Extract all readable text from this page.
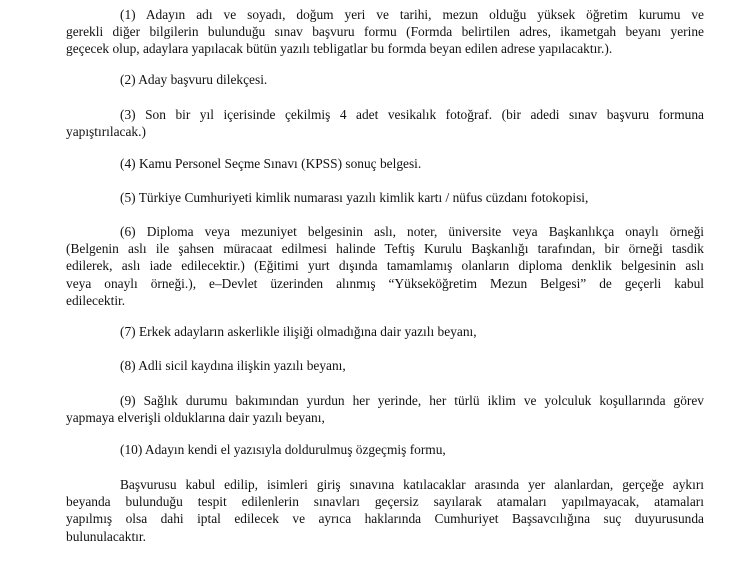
(1) Adayın adı ve soyadı, doğum yeri ve tarihi, mezun olduğu yüksek öğretim kurumu ve
gerekli diğer bilgilerin bulunduğu sınav başvuru formu (Formda belirtilen adres, ikametgah beyanı yerine
geçecek olup, adaylara yapılacak bütün yazılı tebligatlar bu formda beyan edilen adrese yapılacaktır.).
(2) Aday başvuru dilekçesi.
(3) Son bir yıl içerisinde çekilmiş 4 adet vesikalık fotoğraf. (bir adedi sınav başvuru formuna
yapıştırılacak.)
(4) Kamu Personel Seçme Sınavı (KPSS) sonuç belgesi.
(5) Türkiye Cumhuriyeti kimlik numarası yazılı kimlik kartı / nüfus cüzdanı fotokopisi,
(6) Diploma veya mezuniyet belgesinin aslı, noter, üniversite veya Başkanlıkça onaylı örneği
(Belgenin aslı ile şahsen müracaat edilmesi halinde Teftiş Kurulu Başkanlığı tarafından, bir örneği tasdik
edilerek, aslı iade edilecektir.) (Eğitimi yurt dışında tamamlamış olanların diploma denklik belgesinin aslı
veya onaylı örneği.), e–Devlet üzerinden alınmış “Yükseköğretim Mezun Belgesi” de geçerli kabul
edilecektir.
(7) Erkek adayların askerlikle ilişiği olmadığına dair yazılı beyanı,
(8) Adli sicil kaydına ilişkin yazılı beyanı,
(9) Sağlık durumu bakımından yurdun her yerinde, her türlü iklim ve yolculuk koşullarında görev
yapmaya elverişli olduklarına dair yazılı beyanı,
(10) Adayın kendi el yazısıyla doldurulmuş özgeçmiş formu,
Başvurusu kabul edilip, isimleri giriş sınavına katılacaklar arasında yer alanlardan, gerçeğe aykırı
beyanda bulunduğu tespit edilenlerin sınavları geçersiz sayılarak atamaları yapılmayacak, atamaları
yapılmış olsa dahi iptal edilecek ve ayrıca haklarında Cumhuriyet Başsavcılığına suç duyurusunda
bulunulacaktır.
